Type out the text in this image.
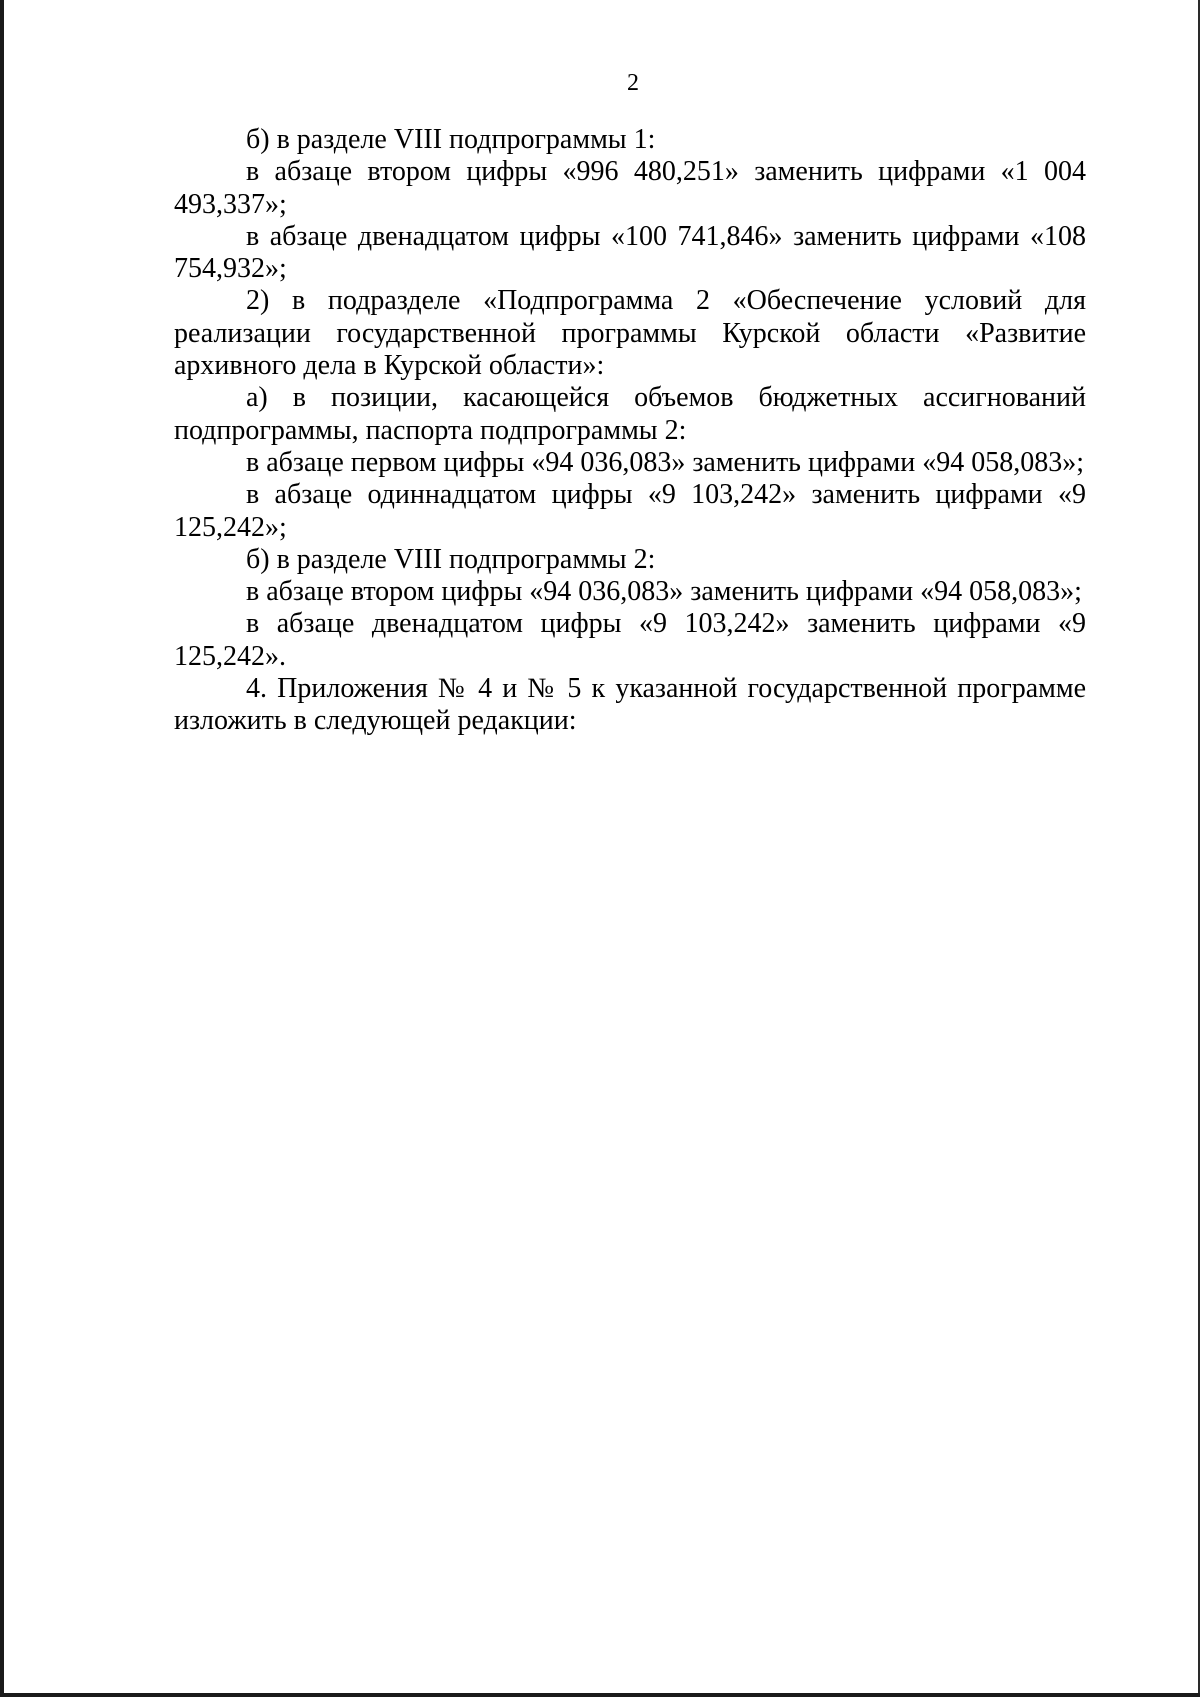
2

б) в разделе VIII подпрограммы 1:

в абзаце втором цифры «996 480,251» заменить цифрами «1 004 493,337»;

в абзаце двенадцатом цифры «100 741,846» заменить цифрами «108 754,932»;

2) в подразделе «Подпрограмма 2 «Обеспечение условий для реализации государственной программы Курской области «Развитие архивного дела в Курской области»:

а) в позиции, касающейся объемов бюджетных ассигнований подпрограммы, паспорта подпрограммы 2:

в абзаце первом цифры «94 036,083» заменить цифрами «94 058,083»;

в абзаце одиннадцатом цифры «9 103,242» заменить цифрами «9 125,242»;

б) в разделе VIII подпрограммы 2:

в абзаце втором цифры «94 036,083» заменить цифрами «94 058,083»;

в абзаце двенадцатом цифры «9 103,242» заменить цифрами «9 125,242».

4. Приложения № 4 и № 5 к указанной государственной программе изложить в следующей редакции:
